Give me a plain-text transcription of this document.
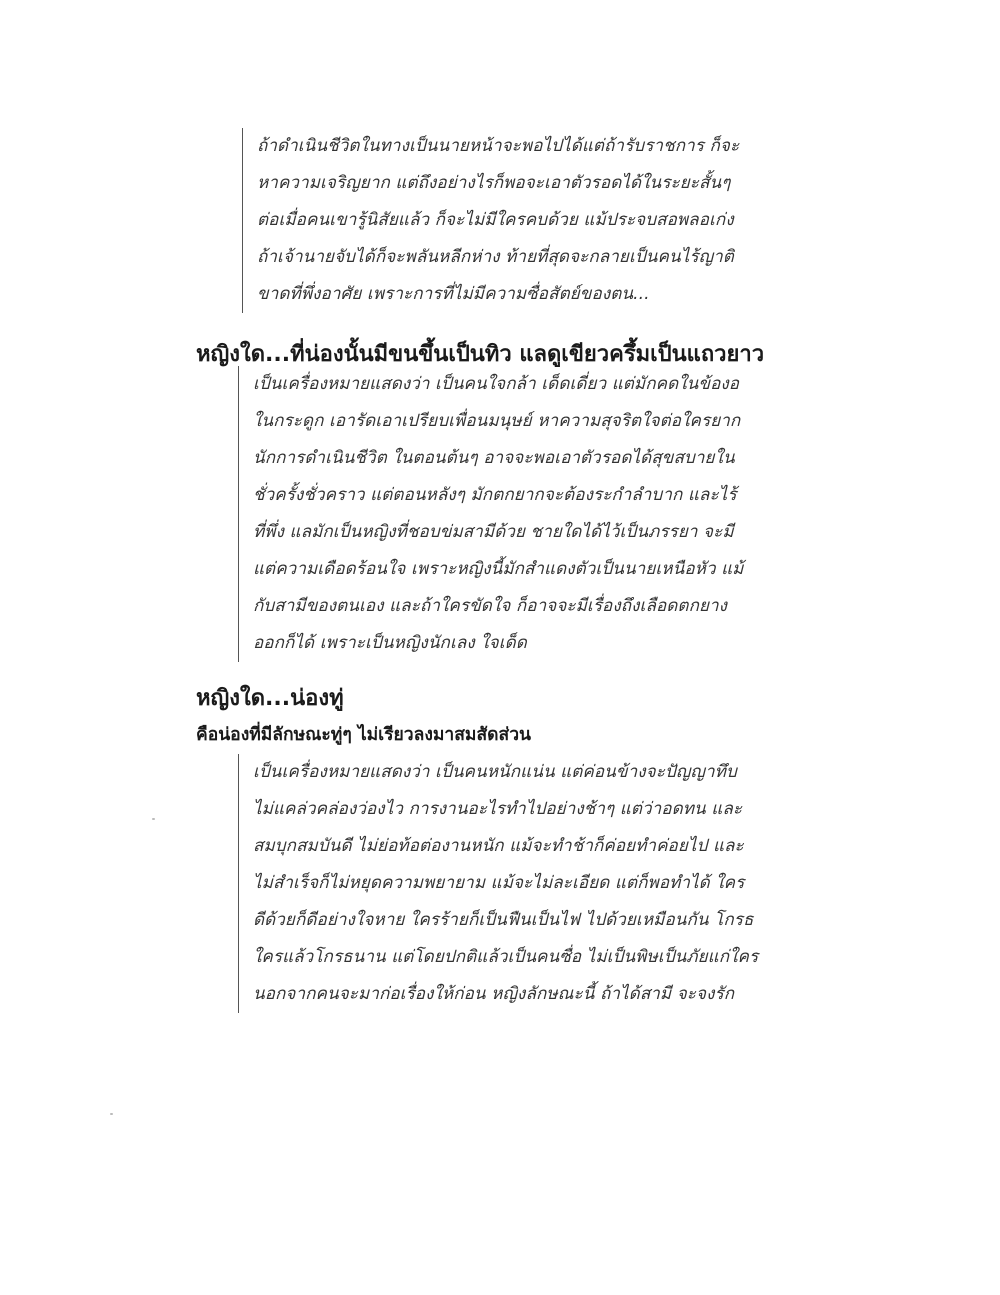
ถ้าดำเนินชีวิตในทางเป็นนายหน้าจะพอไปได้แต่ถ้ารับราชการ ก็จะ
หาความเจริญยาก แต่ถึงอย่างไรก็พอจะเอาตัวรอดได้ในระยะสั้นๆ
ต่อเมื่อคนเขารู้นิสัยแล้ว ก็จะไม่มีใครคบด้วย แม้ประจบสอพลอเก่ง
ถ้าเจ้านายจับได้ก็จะพลันหลีกห่าง ท้ายที่สุดจะกลายเป็นคนไร้ญาติ
ขาดที่พึ่งอาศัย เพราะการที่ไม่มีความซื่อสัตย์ของตน...
หญิงใด...ที่น่องนั้นมีขนขึ้นเป็นทิว แลดูเขียวครึ้มเป็นแถวยาว
เป็นเครื่องหมายแสดงว่า เป็นคนใจกล้า เด็ดเดี่ยว แต่มักคดในข้องอ
ในกระดูก เอารัดเอาเปรียบเพื่อนมนุษย์ หาความสุจริตใจต่อใครยาก
นักการดำเนินชีวิต ในตอนต้นๆ อาจจะพอเอาตัวรอดได้สุขสบายใน
ชั่วครั้งชั่วคราว แต่ตอนหลังๆ มักตกยากจะต้องระกำลำบาก และไร้
ที่พึ่ง แลมักเป็นหญิงที่ชอบข่มสามีด้วย ชายใดได้ไว้เป็นภรรยา จะมี
แต่ความเดือดร้อนใจ เพราะหญิงนี้มักสำแดงตัวเป็นนายเหนือหัว แม้
กับสามีของตนเอง และถ้าใครขัดใจ ก็อาจจะมีเรื่องถึงเลือดตกยาง
ออกก็ได้ เพราะเป็นหญิงนักเลง ใจเด็ด
หญิงใด...น่องทู่
คือน่องที่มีลักษณะทู่ๆ ไม่เรียวลงมาสมสัดส่วน
เป็นเครื่องหมายแสดงว่า เป็นคนหนักแน่น แต่ค่อนข้างจะปัญญาทึบ
ไม่แคล่วคล่องว่องไว การงานอะไรทำไปอย่างช้าๆ แต่ว่าอดทน และ
สมบุกสมบันดี ไม่ย่อท้อต่องานหนัก แม้จะทำช้าก็ค่อยทำค่อยไป และ
ไม่สำเร็จก็ไม่หยุดความพยายาม แม้จะไม่ละเอียด แต่ก็พอทำได้ ใคร
ดีด้วยก็ดีอย่างใจหาย ใครร้ายก็เป็นฟืนเป็นไฟ ไปด้วยเหมือนกัน โกรธ
ใครแล้วโกรธนาน แต่โดยปกติแล้วเป็นคนซื่อ ไม่เป็นพิษเป็นภัยแก่ใคร
นอกจากคนจะมาก่อเรื่องให้ก่อน หญิงลักษณะนี้ ถ้าได้สามี จะจงรัก
